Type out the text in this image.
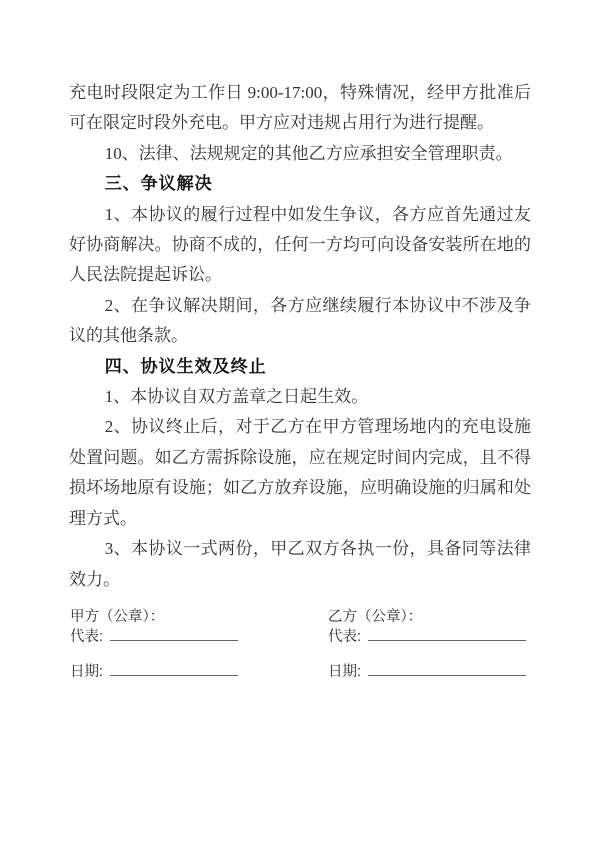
充电时段限定为工作日 9:00-17:00，特殊情况，经甲方批准后可在限定时段外充电。甲方应对违规占用行为进行提醒。

10、法律、法规规定的其他乙方应承担安全管理职责。

三、争议解决

1、本协议的履行过程中如发生争议，各方应首先通过友好协商解决。协商不成的，任何一方均可向设备安装所在地的人民法院提起诉讼。

2、在争议解决期间，各方应继续履行本协议中不涉及争议的其他条款。

四、协议生效及终止

1、本协议自双方盖章之日起生效。

2、协议终止后，对于乙方在甲方管理场地内的充电设施处置问题。如乙方需拆除设施，应在规定时间内完成，且不得损坏场地原有设施；如乙方放弃设施，应明确设施的归属和处理方式。

3、本协议一式两份，甲乙双方各执一份，具备同等法律效力。

甲方（公章）：
代表:
日期:
乙方（公章）：
代表:
日期:
